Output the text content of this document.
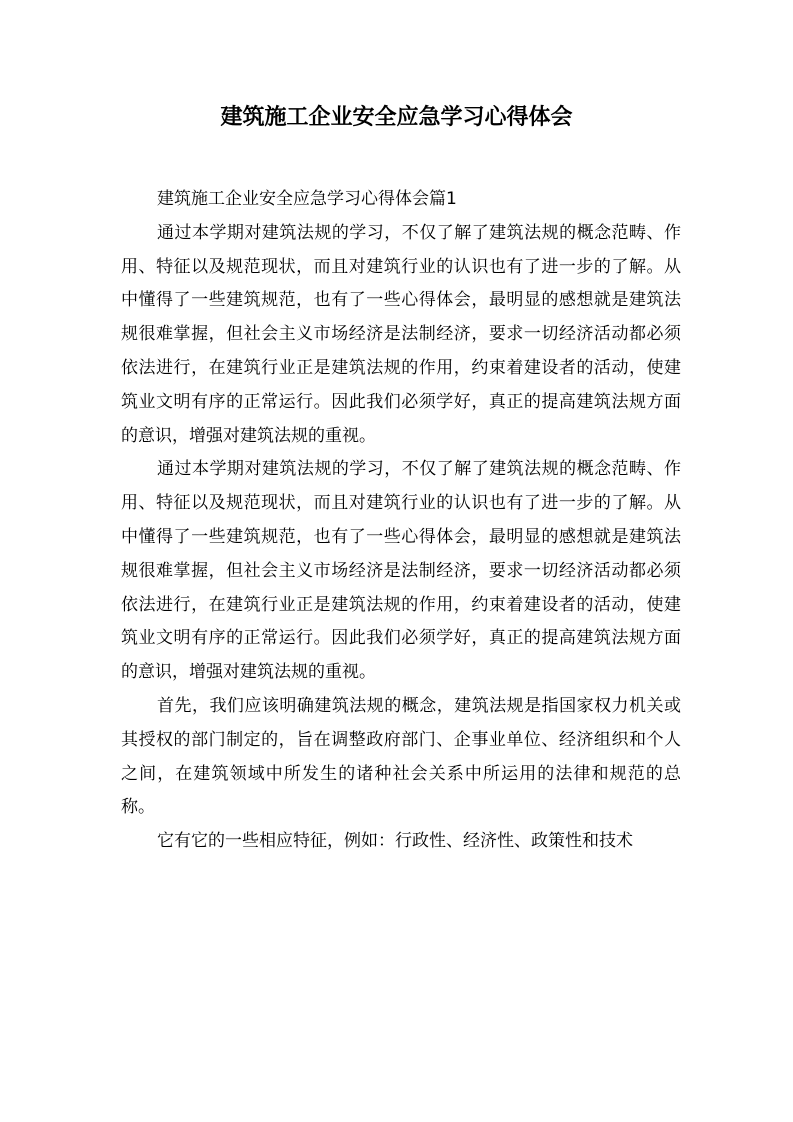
建筑施工企业安全应急学习心得体会

建筑施工企业安全应急学习心得体会篇1

通过本学期对建筑法规的学习，不仅了解了建筑法规的概念范畴、作用、特征以及规范现状，而且对建筑行业的认识也有了进一步的了解。从中懂得了一些建筑规范，也有了一些心得体会，最明显的感想就是建筑法规很难掌握，但社会主义市场经济是法制经济，要求一切经济活动都必须依法进行，在建筑行业正是建筑法规的作用，约束着建设者的活动，使建筑业文明有序的正常运行。因此我们必须学好，真正的提高建筑法规方面的意识，增强对建筑法规的重视。

通过本学期对建筑法规的学习，不仅了解了建筑法规的概念范畴、作用、特征以及规范现状，而且对建筑行业的认识也有了进一步的了解。从中懂得了一些建筑规范，也有了一些心得体会，最明显的感想就是建筑法规很难掌握，但社会主义市场经济是法制经济，要求一切经济活动都必须依法进行，在建筑行业正是建筑法规的作用，约束着建设者的活动，使建筑业文明有序的正常运行。因此我们必须学好，真正的提高建筑法规方面的意识，增强对建筑法规的重视。

首先，我们应该明确建筑法规的概念，建筑法规是指国家权力机关或其授权的部门制定的，旨在调整政府部门、企事业单位、经济组织和个人之间，在建筑领域中所发生的诸种社会关系中所运用的法律和规范的总称。

它有它的一些相应特征，例如：行政性、经济性、政策性和技术
